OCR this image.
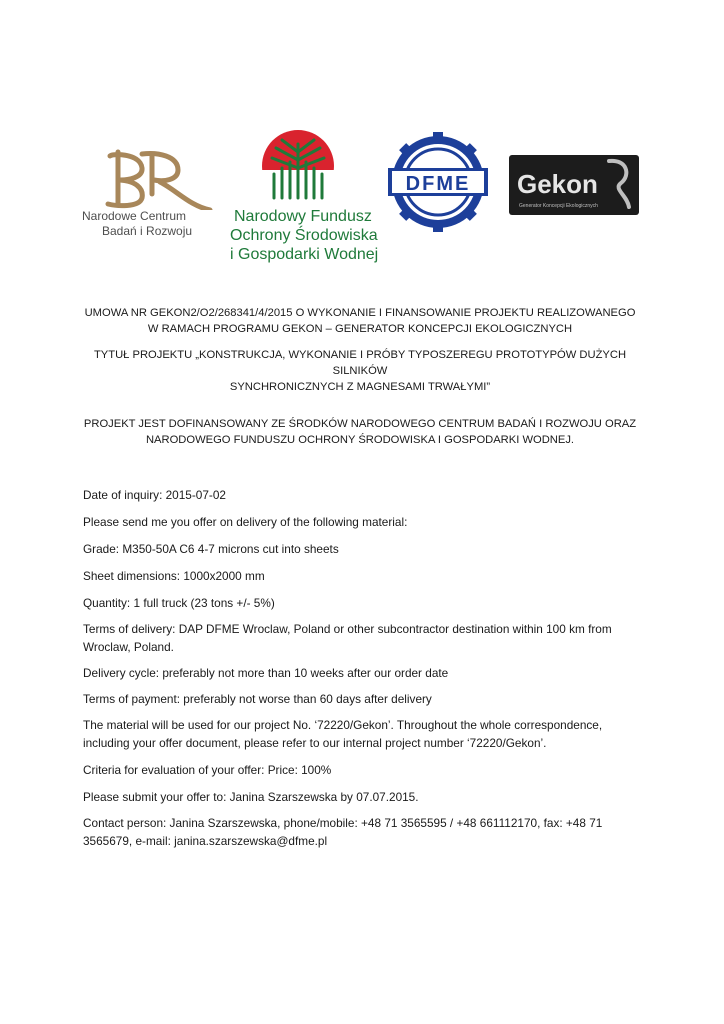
Narodowe Centrum
Badań i Rozwoju
Narodowy Fundusz
Ochrony Środowiska
i Gospodarki Wodnej
DFME Gekon
Generator Koncepcji Ekologicznych
UMOWA NR GEKON2/O2/268341/4/2015 O WYKONANIE I FINANSOWANIE PROJEKTU REALIZOWANEGO
W RAMACH PROGRAMU GEKON – GENERATOR KONCEPCJI EKOLOGICZNYCH
TYTUŁ PROJEKTU „KONSTRUKCJA, WYKONANIE I PRÓBY TYPOSZEREGU PROTOTYPÓW DUŻYCH SILNIKÓW
SYNCHRONICZNYCH Z MAGNESAMI TRWAŁYMI”
PROJEKT JEST DOFINANSOWANY ZE ŚRODKÓW NARODOWEGO CENTRUM BADAŃ I ROZWOJU ORAZ
NARODOWEGO FUNDUSZU OCHRONY ŚRODOWISKA I GOSPODARKI WODNEJ.
Date of inquiry: 2015-07-02
Please send me you offer on delivery of the following material:
Grade: M350-50A C6 4-7 microns cut into sheets
Sheet dimensions: 1000x2000 mm
Quantity: 1 full truck (23 tons +/- 5%)
Terms of delivery: DAP DFME Wroclaw, Poland or other subcontractor destination within 100 km from
Wroclaw, Poland.
Delivery cycle: preferably not more than 10 weeks after our order date
Terms of payment: preferably not worse than 60 days after delivery
The material will be used for our project No. ‘72220/Gekon’. Throughout the whole correspondence,
including your offer document, please refer to our internal project number ‘72220/Gekon’.
Criteria for evaluation of your offer: Price: 100%
Please submit your offer to: Janina Szarszewska by 07.07.2015.
Contact person: Janina Szarszewska, phone/mobile: +48 71 3565595 / +48 661112170, fax: +48 71
3565679, e-mail: janina.szarszewska@dfme.pl
